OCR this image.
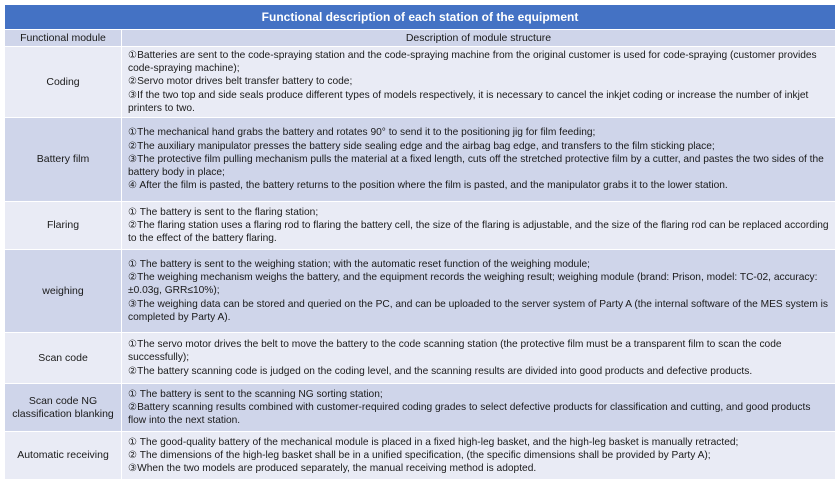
Functional description of each station of the equipment	
Functional module	Description of module structure
Coding	①Batteries are sent to the code-spraying station and the code-spraying machine from the original customer is used for code-spraying (customer provides code-spraying machine);
②Servo motor drives belt transfer battery to code;
③If the two top and side seals produce different types of models respectively, it is necessary to cancel the inkjet coding or increase the number of inkjet printers to two.

Battery film	①The mechanical hand grabs the battery and rotates 90° to send it to the positioning jig for film feeding;
②The auxiliary manipulator presses the battery side sealing edge and the airbag bag edge, and transfers to the film sticking place;
③The protective film pulling mechanism pulls the material at a fixed length, cuts off the stretched protective film by a cutter, and pastes the two sides of the battery body in place;
④ After the film is pasted, the battery returns to the position where the film is pasted, and the manipulator grabs it to the lower station.

Flaring	① The battery is sent to the flaring station;
②The flaring station uses a flaring rod to flaring the battery cell, the size of the flaring is adjustable, and the size of the flaring rod can be replaced according to the effect of the battery flaring.

weighing	① The battery is sent to the weighing station; with the automatic reset function of the weighing module;
②The weighing mechanism weighs the battery, and the equipment records the weighing result; weighing module (brand: Prison, model: TC-02, accuracy: ±0.03g, GRR≤10%);
③The weighing data can be stored and queried on the PC, and can be uploaded to the server system of Party A (the internal software of the MES system is completed by Party A).

Scan code	①The servo motor drives the belt to move the battery to the code scanning station (the protective film must be a transparent film to scan the code successfully);
②The battery scanning code is judged on the coding level, and the scanning results are divided into good products and defective products.

Scan code NG classification blanking	① The battery is sent to the scanning NG sorting station;
②Battery scanning results combined with customer-required coding grades to select defective products for classification and cutting, and good products flow into the next station.

Automatic receiving	① The good-quality battery of the mechanical module is placed in a fixed high-leg basket, and the high-leg basket is manually retracted;
② The dimensions of the high-leg basket shall be in a unified specification, (the specific dimensions shall be provided by Party A);
③When the two models are produced separately, the manual receiving method is adopted.
